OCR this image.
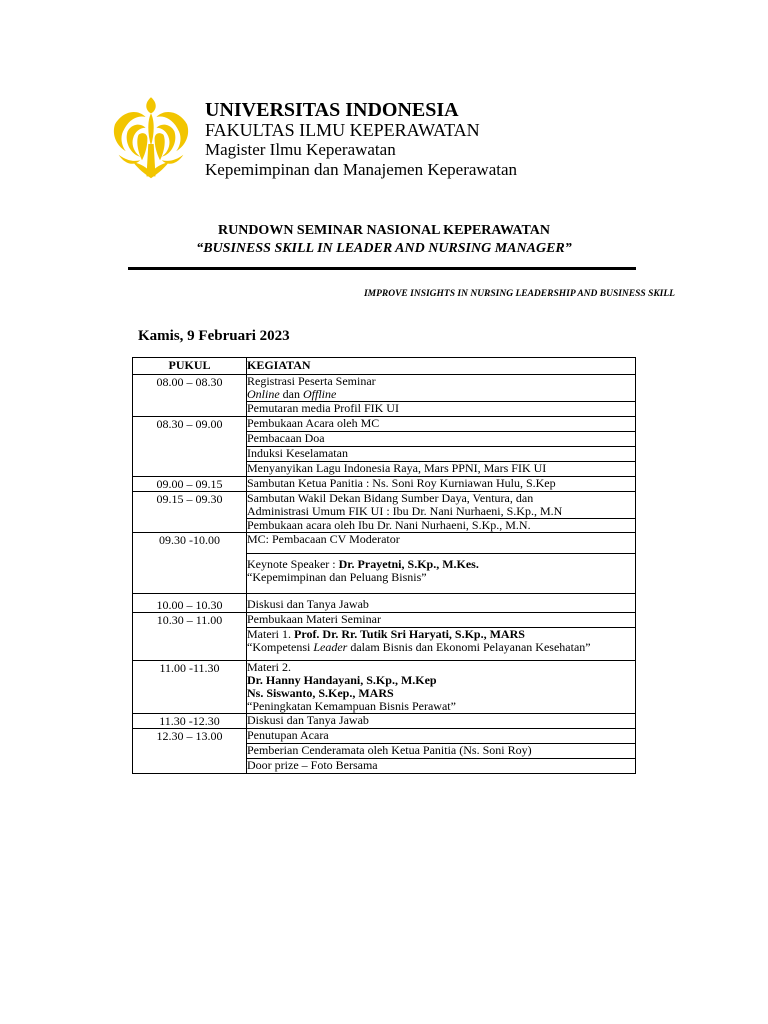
UNIVERSITAS INDONESIA
FAKULTAS ILMU KEPERAWATAN
Magister Ilmu Keperawatan
Kepemimpinan dan Manajemen Keperawatan
RUNDOWN SEMINAR NASIONAL KEPERAWATAN
“BUSINESS SKILL IN LEADER AND NURSING MANAGER”
IMPROVE INSIGHTS IN NURSING LEADERSHIP AND BUSINESS SKILL
Kamis, 9 Februari 2023
PUKUL	KEGIATAN
08.00 – 08.30	Registrasi Peserta Seminar
Online dan Offline

	Pemutaran media Profil FIK UI
08.30 – 09.00	Pembukaan Acara oleh MC
	Pembacaan Doa
	Induksi Keselamatan
	Menyanyikan Lagu Indonesia Raya, Mars PPNI, Mars FIK UI
09.00 – 09.15	Sambutan Ketua Panitia : Ns. Soni Roy Kurniawan Hulu, S.Kep
09.15 – 09.30	Sambutan Wakil Dekan Bidang Sumber Daya, Ventura, dan
Administrasi Umum FIK UI : Ibu Dr. Nani Nurhaeni, S.Kp., M.N

	Pembukaan acara oleh Ibu Dr. Nani Nurhaeni, S.Kp., M.N.
09.30 -10.00	MC: Pembacaan CV Moderator

	Keynote Speaker : Dr. Prayetni, S.Kp., M.Kes.
“Kepemimpinan dan Peluang Bisnis”

10.00 – 10.30	Diskusi dan Tanya Jawab
10.30 – 11.00	Pembukaan Materi Seminar

	Materi 1. Prof. Dr. Rr. Tutik Sri Haryati, S.Kp., MARS
“Kompetensi Leader dalam Bisnis dan Ekonomi Pelayanan Kesehatan”

11.00 -11.30	Materi 2.
Dr. Hanny Handayani, S.Kp., M.Kep
Ns. Siswanto, S.Kep., MARS
“Peningkatan Kemampuan Bisnis Perawat”

11.30 -12.30	Diskusi dan Tanya Jawab
12.30 – 13.00	Penutupan Acara
	Pemberian Cenderamata oleh Ketua Panitia (Ns. Soni Roy)
	Door prize – Foto Bersama
